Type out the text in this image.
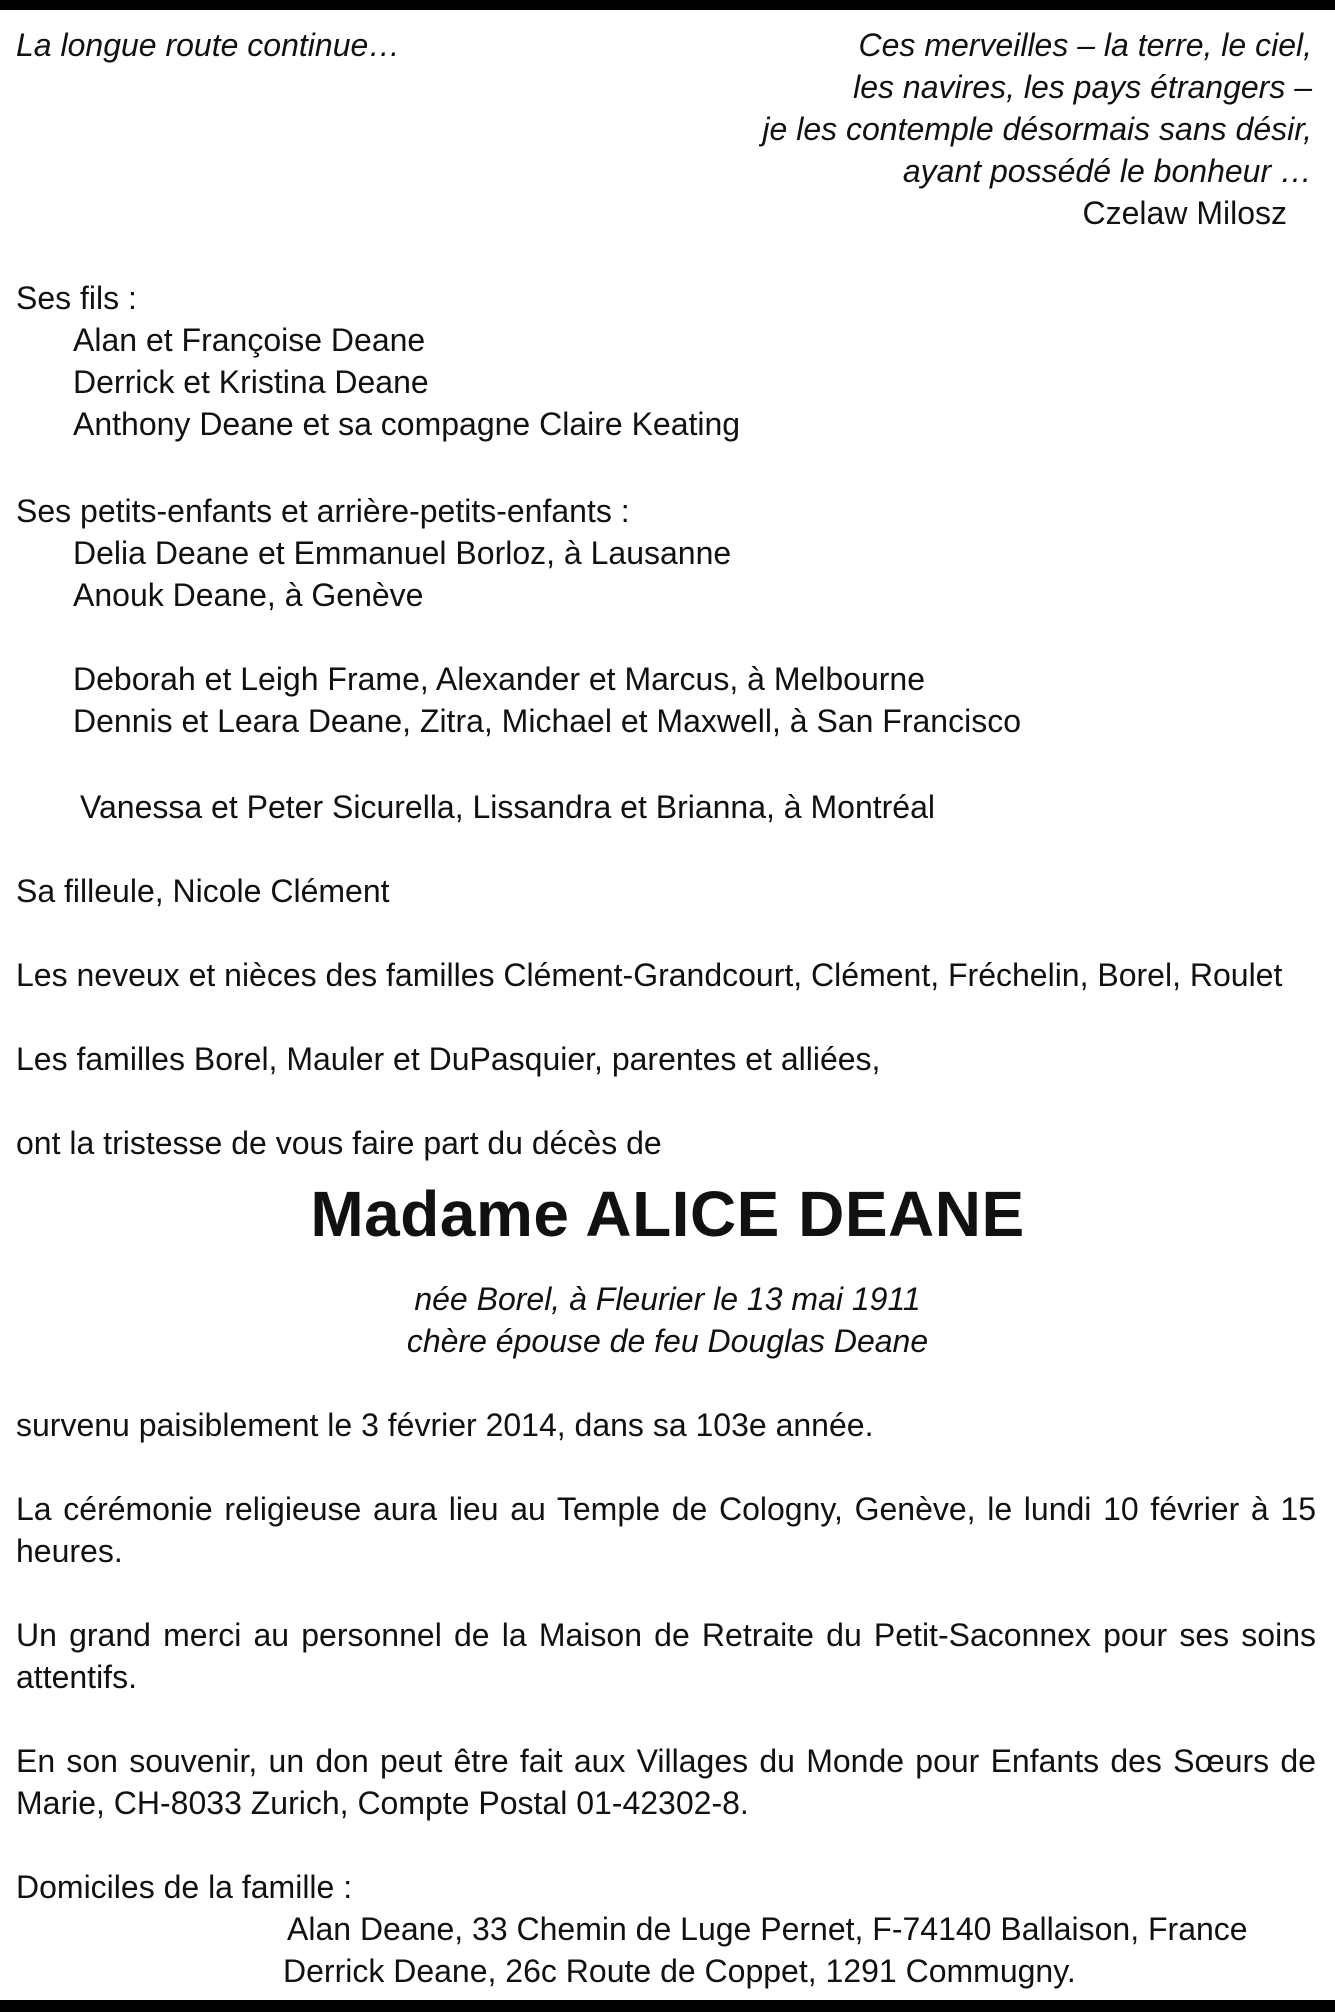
La longue route continue…	Ces merveilles – la terre, le ciel,
les navires, les pays étrangers –
je les contemple désormais sans désir,
ayant possédé le bonheur …
Czelaw Milosz
Ses fils :
Alan et Françoise Deane
Derrick et Kristina Deane
Anthony Deane et sa compagne Claire Keating
Ses petits-enfants et arrière-petits-enfants :
Delia Deane et Emmanuel Borloz, à Lausanne
Anouk Deane, à Genève
Deborah et Leigh Frame, Alexander et Marcus, à Melbourne
Dennis et Leara Deane, Zitra, Michael et Maxwell, à San Francisco
Vanessa et Peter Sicurella, Lissandra et Brianna, à Montréal
Sa filleule, Nicole Clément
Les neveux et nièces des familles Clément-Grandcourt, Clément, Fréchelin, Borel, Roulet
Les familles Borel, Mauler et DuPasquier, parentes et alliées,
ont la tristesse de vous faire part du décès de
Madame ALICE DEANE
née Borel, à Fleurier le 13 mai 1911
chère épouse de feu Douglas Deane
survenu paisiblement le 3 février 2014, dans sa 103e année.
La cérémonie religieuse aura lieu au Temple de Cologny, Genève, le lundi 10 février à 15 heures.
Un grand merci au personnel de la Maison de Retraite du Petit-Saconnex pour ses soins attentifs.
En son souvenir, un don peut être fait aux Villages du Monde pour Enfants des Sœurs de Marie, CH-8033 Zurich, Compte Postal 01-42302-8.
Domiciles de la famille :
Alan Deane, 33 Chemin de Luge Pernet, F-74140 Ballaison, France
Derrick Deane, 26c Route de Coppet, 1291 Commugny.
